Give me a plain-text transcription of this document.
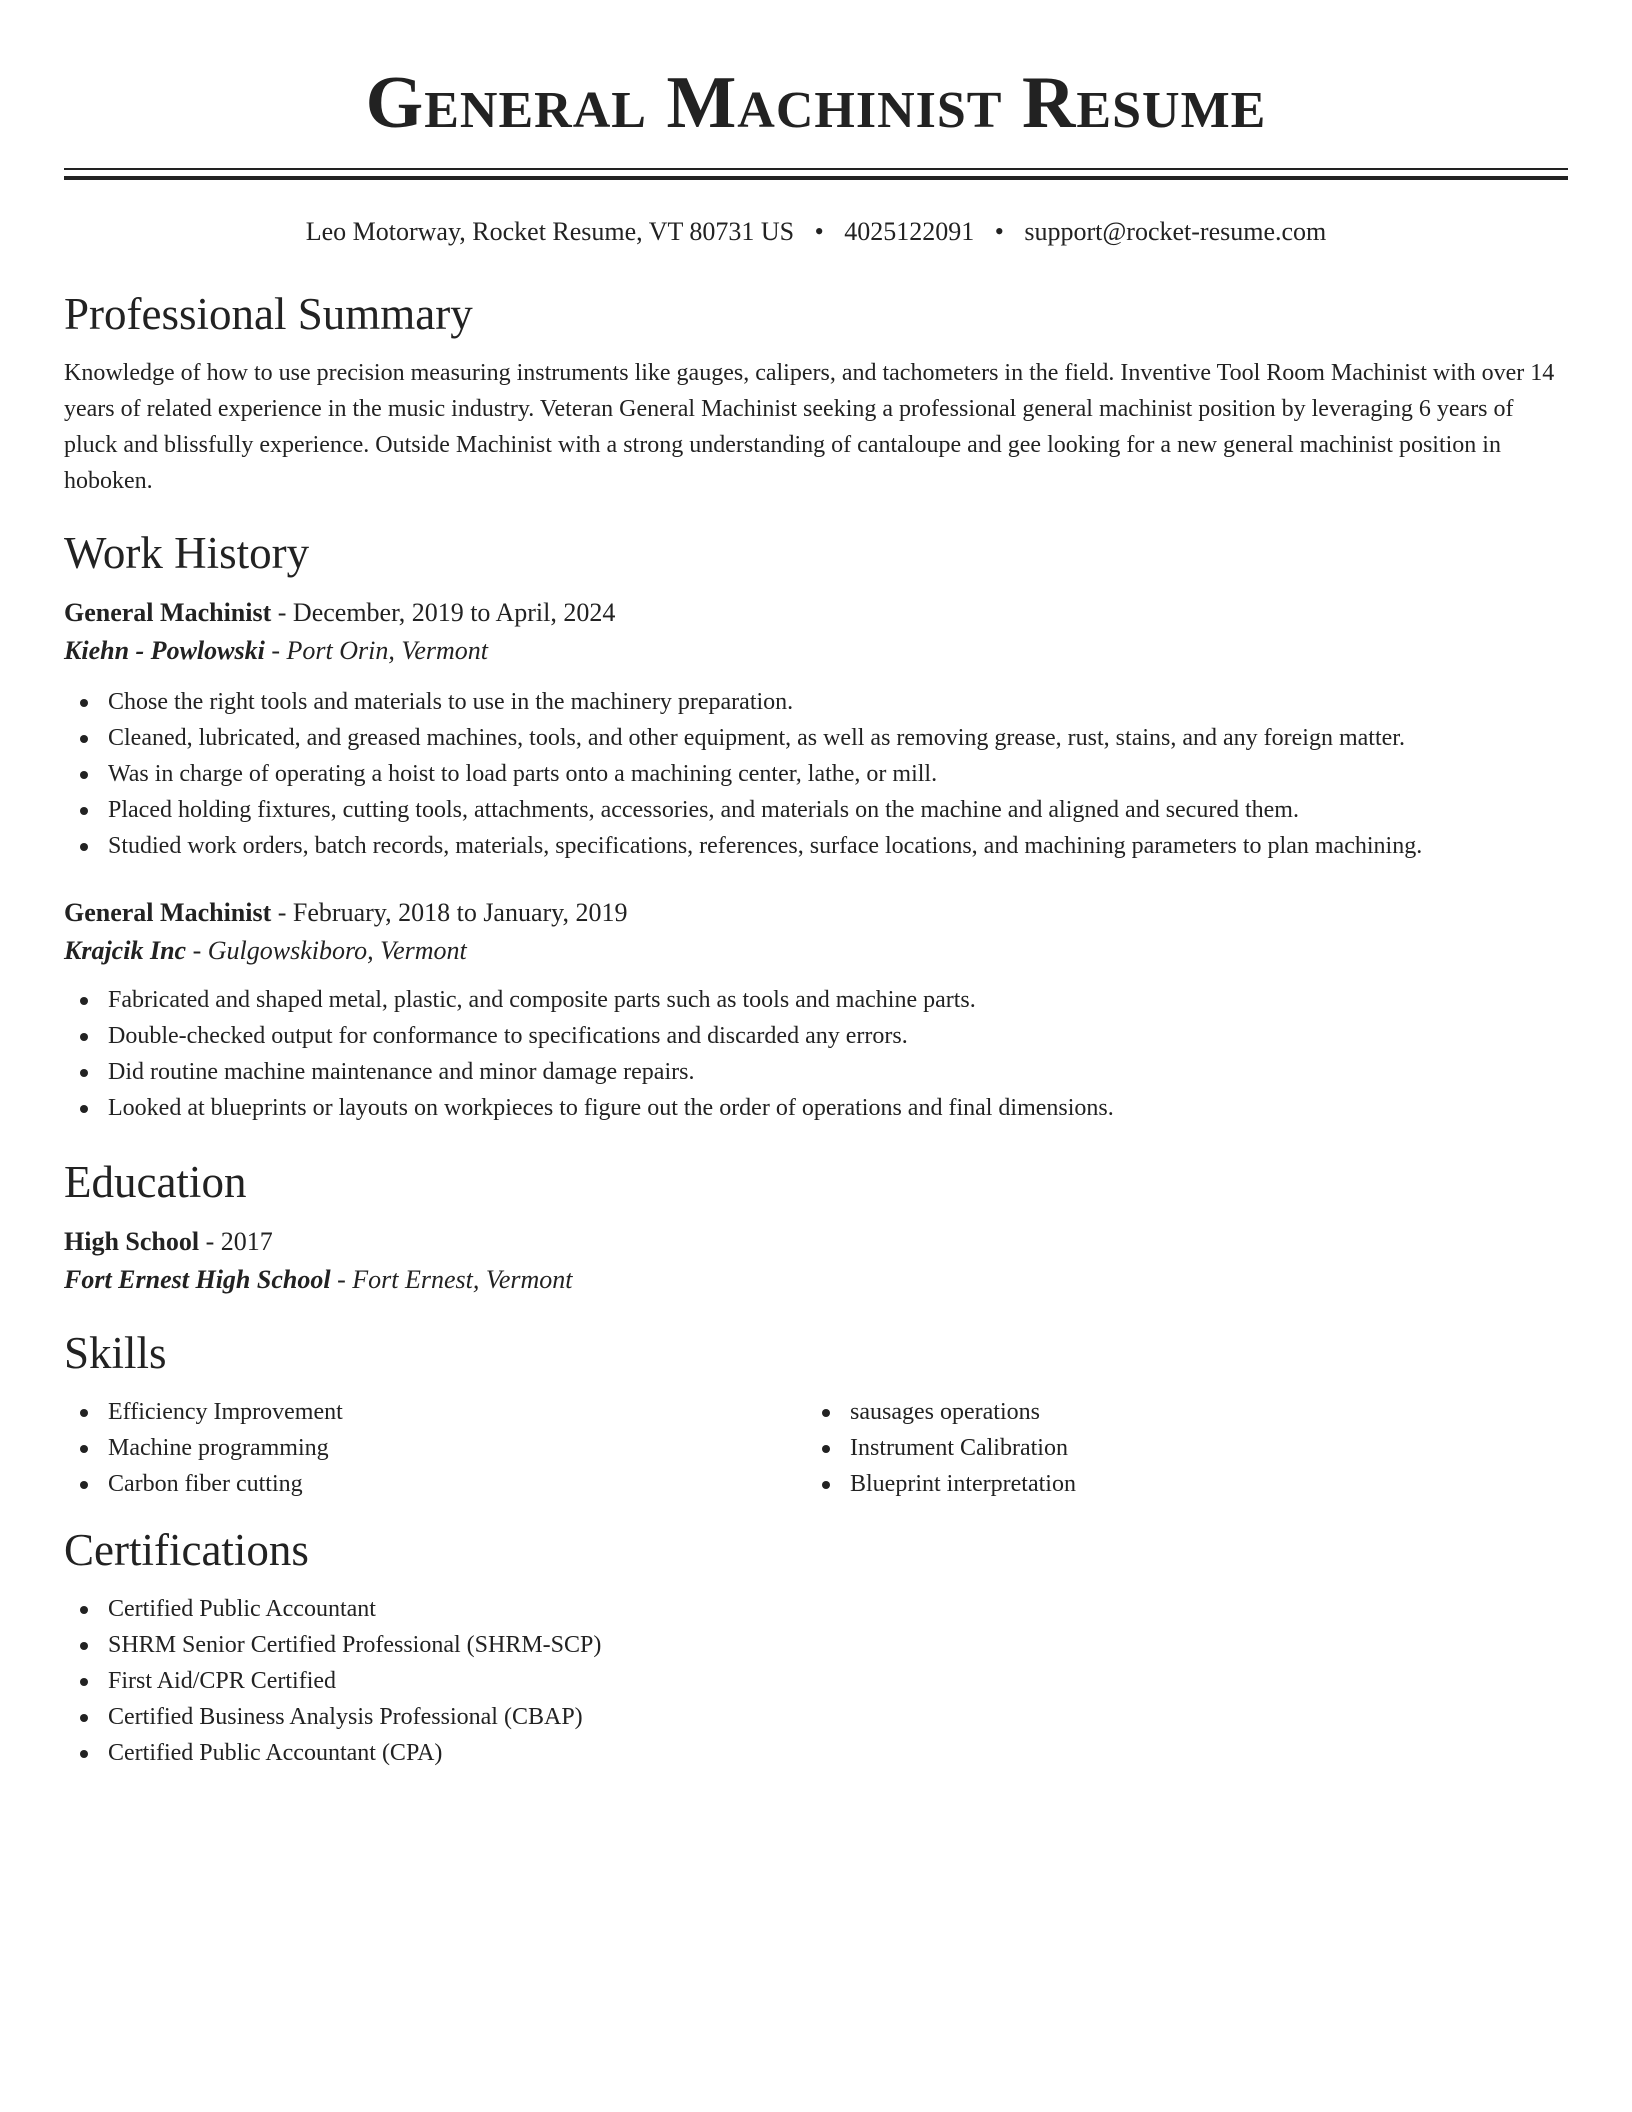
General Machinist Resume
Leo Motorway, Rocket Resume, VT 80731 US • 4025122091 • support@rocket-resume.com
Professional Summary

Knowledge of how to use precision measuring instruments like gauges, calipers, and tachometers in the field. Inventive Tool Room Machinist with over 14 years of related experience in the music industry. Veteran General Machinist seeking a professional general machinist position by leveraging 6 years of pluck and blissfully experience. Outside Machinist with a strong understanding of cantaloupe and gee looking for a new general machinist position in hoboken.

Work History
General Machinist - December, 2019 to April, 2024
Kiehn - Powlowski - Port Orin, Vermont
Chose the right tools and materials to use in the machinery preparation.
Cleaned, lubricated, and greased machines, tools, and other equipment, as well as removing grease, rust, stains, and any foreign matter.
Was in charge of operating a hoist to load parts onto a machining center, lathe, or mill.
Placed holding fixtures, cutting tools, attachments, accessories, and materials on the machine and aligned and secured them.
Studied work orders, batch records, materials, specifications, references, surface locations, and machining parameters to plan machining.
General Machinist - February, 2018 to January, 2019
Krajcik Inc - Gulgowskiboro, Vermont
Fabricated and shaped metal, plastic, and composite parts such as tools and machine parts.
Double-checked output for conformance to specifications and discarded any errors.
Did routine machine maintenance and minor damage repairs.
Looked at blueprints or layouts on workpieces to figure out the order of operations and final dimensions.
Education
High School - 2017
Fort Ernest High School - Fort Ernest, Vermont
Skills
Efficiency Improvement
Machine programming
Carbon fiber cutting
sausages operations
Instrument Calibration
Blueprint interpretation
Certifications
Certified Public Accountant
SHRM Senior Certified Professional (SHRM-SCP)
First Aid/CPR Certified
Certified Business Analysis Professional (CBAP)
Certified Public Accountant (CPA)
